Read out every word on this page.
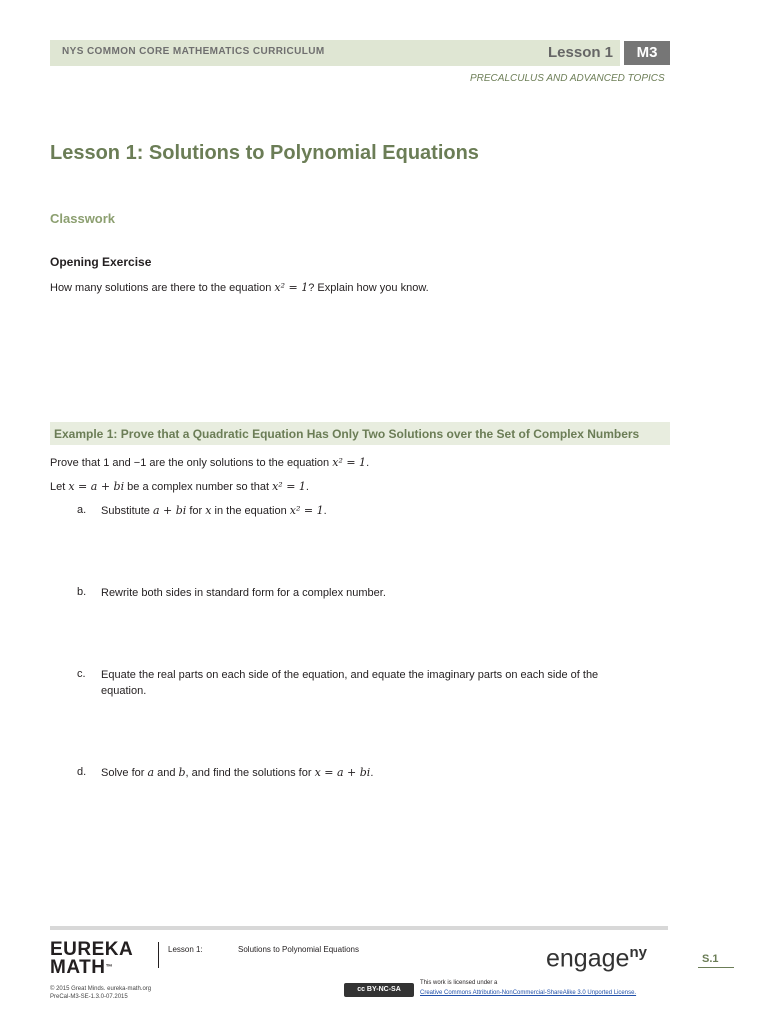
NYS COMMON CORE MATHEMATICS CURRICULUM	Lesson 1	M3
PRECALCULUS AND ADVANCED TOPICS
Lesson 1: Solutions to Polynomial Equations
Classwork
Opening Exercise
How many solutions are there to the equation x² = 1? Explain how you know.
Example 1: Prove that a Quadratic Equation Has Only Two Solutions over the Set of Complex Numbers
Prove that 1 and −1 are the only solutions to the equation x² = 1.
Let x = a + bi be a complex number so that x² = 1.
a. Substitute a + bi for x in the equation x² = 1.
b. Rewrite both sides in standard form for a complex number.
c. Equate the real parts on each side of the equation, and equate the imaginary parts on each side of the equation.
d. Solve for a and b, and find the solutions for x = a + bi.
EUREKA
MATH™
Lesson 1:	Solutions to Polynomial Equations	engage$^{ny}$	S.1
© 2015 Great Minds. eureka-math.org
PreCal-M3-SE-1.3.0-07.2015
cc BY-NC-SA
This work is licensed under a
Creative Commons Attribution-NonCommercial-ShareAlike 3.0 Unported License.
